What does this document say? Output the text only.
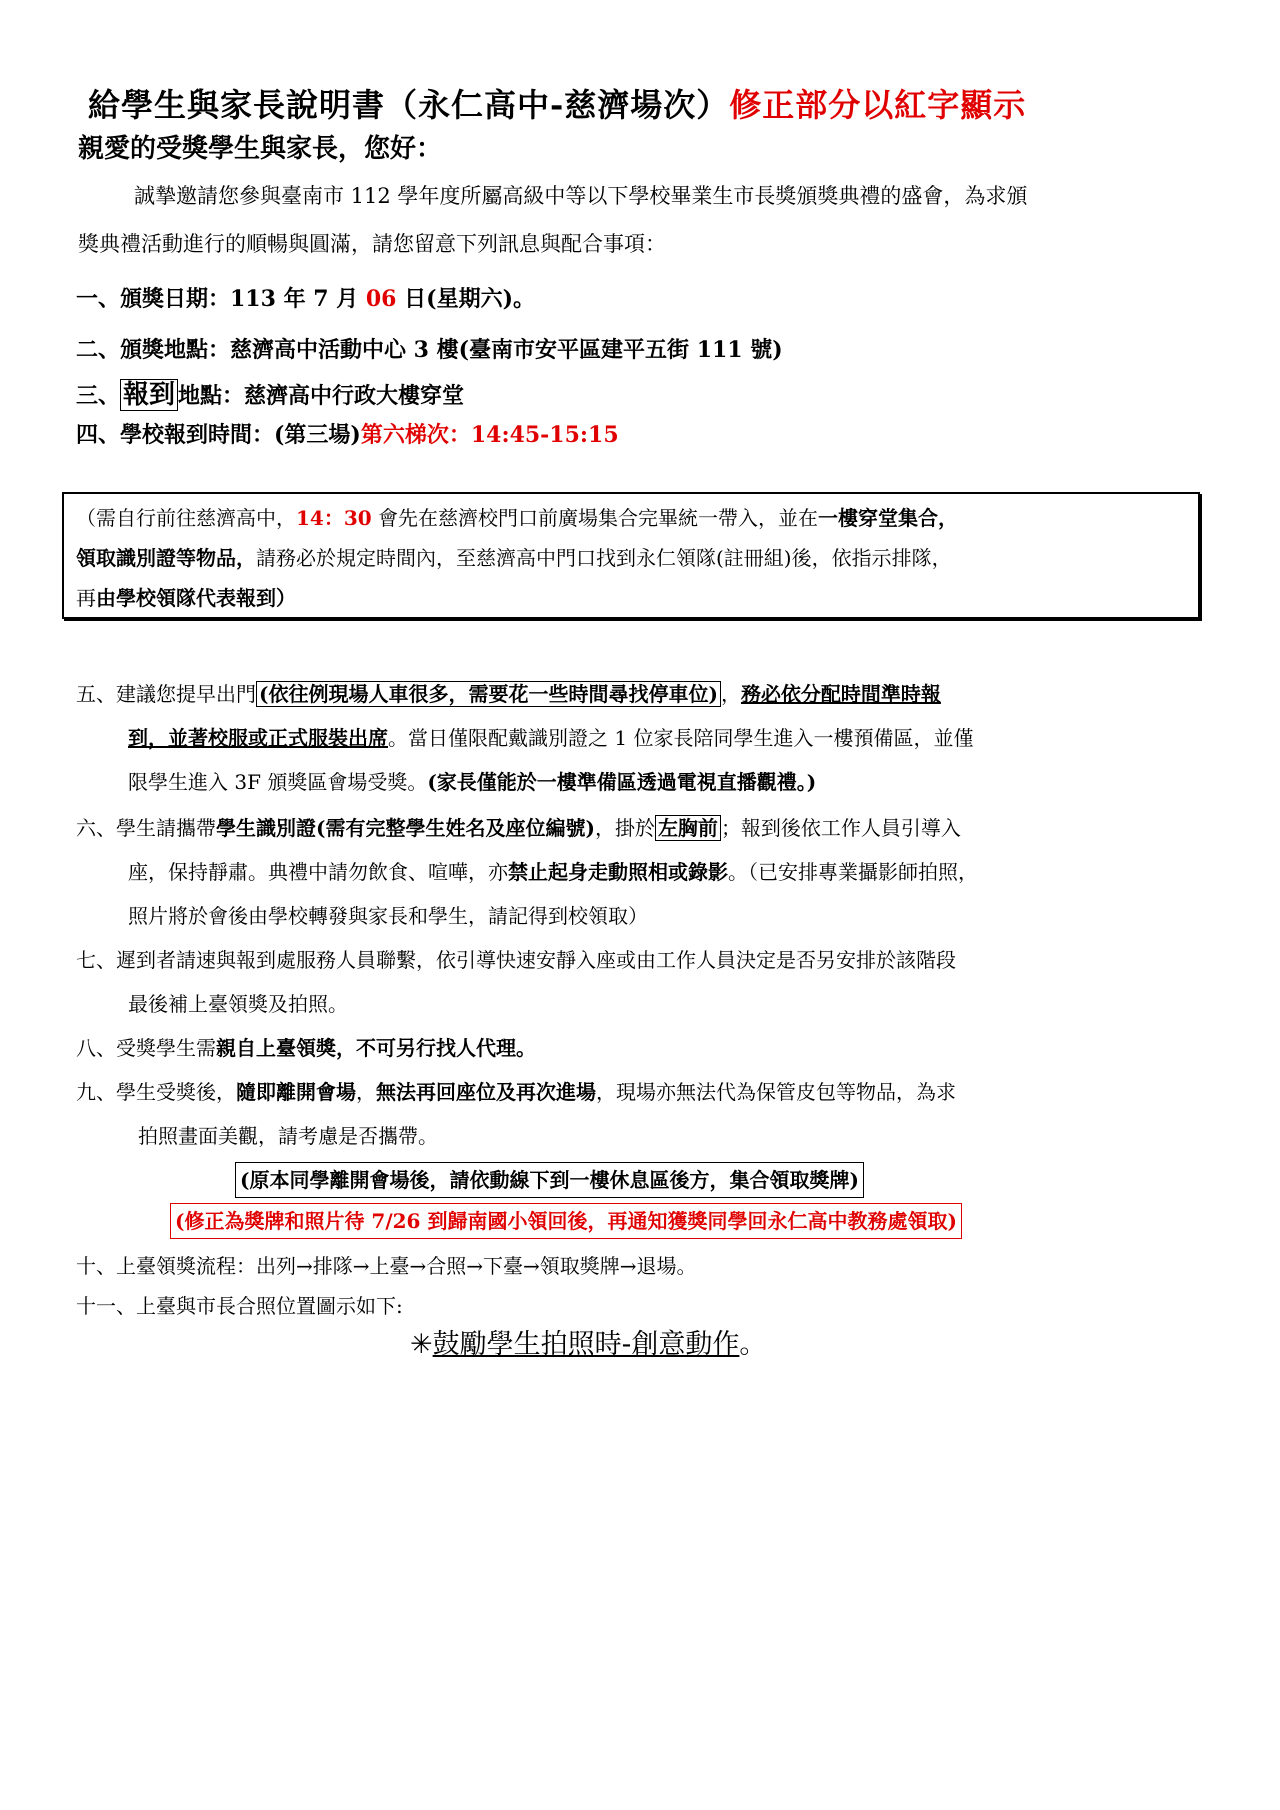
給學生與家長說明書（永仁高中-慈濟場次）修正部分以紅字顯示
親愛的受獎學生與家長，您好：
誠摯邀請您參與臺南市 112 學年度所屬高級中等以下學校畢業生市長獎頒獎典禮的盛會，為求頒
獎典禮活動進行的順暢與圓滿，請您留意下列訊息與配合事項：
一、頒獎日期：113 年 7 月 06 日(星期六)。
二、頒獎地點：慈濟高中活動中心 3 樓(臺南市安平區建平五街 111 號)
三、 報到 地點：慈濟高中行政大樓穿堂
四、學校報到時間：(第三場)第六梯次：14:45-15:15
（需自行前往慈濟高中，14：30 會先在慈濟校門口前廣場集合完畢統一帶入，並在一樓穿堂集合，
領取識別證等物品，請務必於規定時間內，至慈濟高中門口找到永仁領隊(註冊組)後，依指示排隊，
再由學校領隊代表報到）
五、建議您提早出門 (依往例現場人車很多，需要花一些時間尋找停車位) ，務必依分配時間準時報
到，並著校服或正式服裝出席。當日僅限配戴識別證之 1 位家長陪同學生進入一樓預備區，並僅
限學生進入 3F 頒獎區會場受獎。(家長僅能於一樓準備區透過電視直播觀禮。)
六、學生請攜帶學生識別證(需有完整學生姓名及座位編號)，掛於 左胸前 ；報到後依工作人員引導入
座，保持靜肅。典禮中請勿飲食、喧嘩，亦禁止起身走動照相或錄影。（已安排專業攝影師拍照，
照片將於會後由學校轉發與家長和學生，請記得到校領取）
七、遲到者請速與報到處服務人員聯繫，依引導快速安靜入座或由工作人員決定是否另安排於該階段
最後補上臺領獎及拍照。
八、受獎學生需親自上臺領獎，不可另行找人代理。
九、學生受獎後，隨即離開會場，無法再回座位及再次進場，現場亦無法代為保管皮包等物品，為求
拍照畫面美觀，請考慮是否攜帶。
(原本同學離開會場後，請依動線下到一樓休息區後方，集合領取獎牌)
(修正為獎牌和照片待 7/26 到歸南國小領回後，再通知獲獎同學回永仁高中教務處領取)
十、上臺領獎流程：出列→排隊→上臺→合照→下臺→領取獎牌→退場。
十一、上臺與市長合照位置圖示如下:
✳鼓勵學生拍照時-創意動作。
